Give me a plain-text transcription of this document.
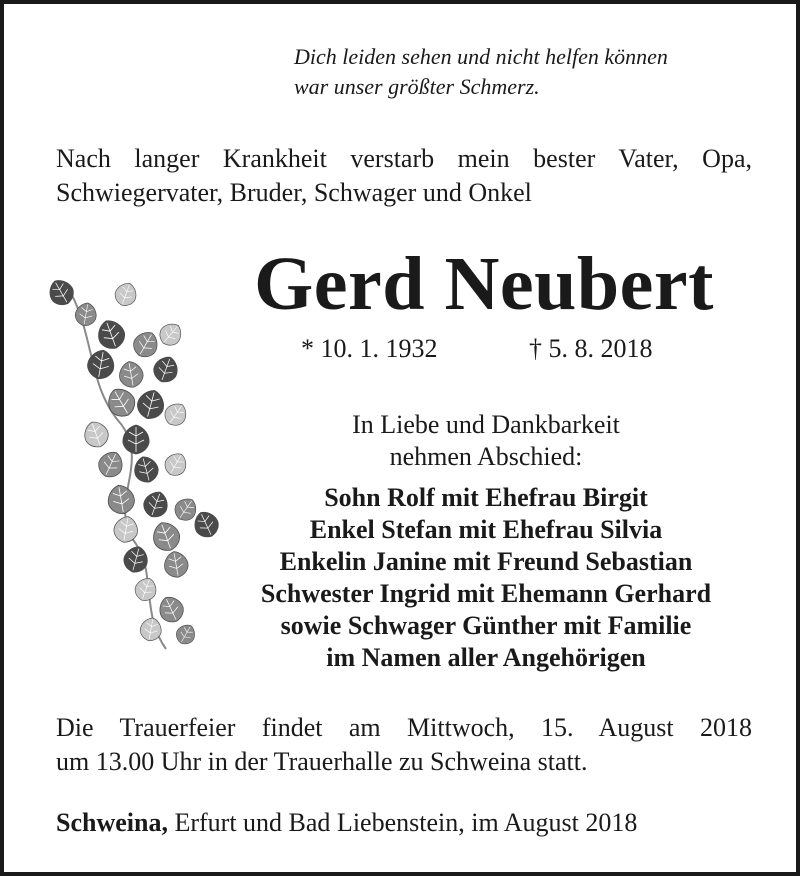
Dich leiden sehen und nicht helfen können
war unser größter Schmerz.
Nach langer Krankheit verstarb mein bester Vater, Opa,
Schwiegervater, Bruder, Schwager und Onkel
Gerd Neubert
* 10. 1. 1932	† 5. 8. 2018
In Liebe und Dankbarkeit
nehmen Abschied:
Sohn Rolf mit Ehefrau Birgit
Enkel Stefan mit Ehefrau Silvia
Enkelin Janine mit Freund Sebastian
Schwester Ingrid mit Ehemann Gerhard
sowie Schwager Günther mit Familie
im Namen aller Angehörigen
Die Trauerfeier findet am Mittwoch, 15. August 2018
um 13.00 Uhr in der Trauerhalle zu Schweina statt.
Schweina, Erfurt und Bad Liebenstein, im August 2018
